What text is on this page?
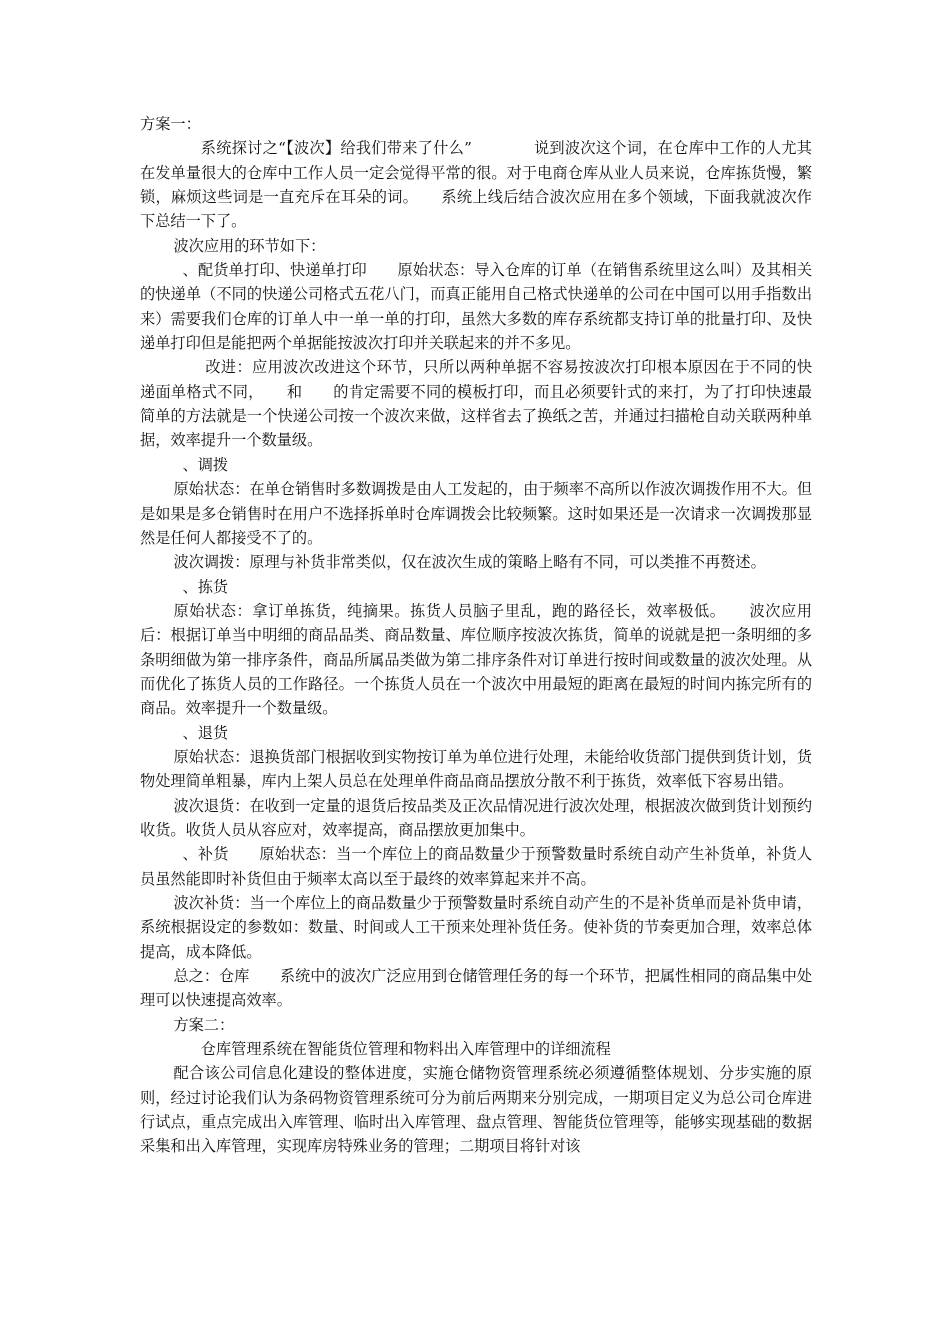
方案一：

系统探讨之“【波次】给我们带来了什么”　　　　说到波次这个词，在仓库中工作的人尤其在发单量很大的仓库中工作人员一定会觉得平常的很。对于电商仓库从业人员来说，仓库拣货慢，繁锁，麻烦这些词是一直充斥在耳朵的词。　　系统上线后结合波次应用在多个领域，下面我就波次作下总结一下了。

波次应用的环节如下：

、配货单打印、快递单打印　　原始状态：导入仓库的订单（在销售系统里这么叫）及其相关的快递单（不同的快递公司格式五花八门，而真正能用自己格式快递单的公司在中国可以用手指数出来）需要我们仓库的订单人中一单一单的打印，虽然大多数的库存系统都支持订单的批量打印、及快递单打印但是能把两个单据能按波次打印并关联起来的并不多见。

改进：应用波次改进这个环节，只所以两种单据不容易按波次打印根本原因在于不同的快递面单格式不同，　　和　　的肯定需要不同的模板打印，而且必须要针式的来打，为了打印快速最简单的方法就是一个快递公司按一个波次来做，这样省去了换纸之苦，并通过扫描枪自动关联两种单据，效率提升一个数量级。

、调拨

原始状态：在单仓销售时多数调拨是由人工发起的，由于频率不高所以作波次调拨作用不大。但是如果是多仓销售时在用户不选择拆单时仓库调拨会比较频繁。这时如果还是一次请求一次调拨那显然是任何人都接受不了的。

波次调拨：原理与补货非常类似，仅在波次生成的策略上略有不同，可以类推不再赘述。

、拣货

原始状态：拿订单拣货，纯摘果。拣货人员脑子里乱，跑的路径长，效率极低。　　波次应用后：根据订单当中明细的商品品类、商品数量、库位顺序按波次拣货，简单的说就是把一条明细的多条明细做为第一排序条件，商品所属品类做为第二排序条件对订单进行按时间或数量的波次处理。从而优化了拣货人员的工作路径。一个拣货人员在一个波次中用最短的距离在最短的时间内拣完所有的商品。效率提升一个数量级。

、退货

原始状态：退换货部门根据收到实物按订单为单位进行处理，未能给收货部门提供到货计划，货物处理简单粗暴，库内上架人员总在处理单件商品商品摆放分散不利于拣货，效率低下容易出错。

波次退货：在收到一定量的退货后按品类及正次品情况进行波次处理，根据波次做到货计划预约收货。收货人员从容应对，效率提高，商品摆放更加集中。

、补货　　原始状态：当一个库位上的商品数量少于预警数量时系统自动产生补货单，补货人员虽然能即时补货但由于频率太高以至于最终的效率算起来并不高。

波次补货：当一个库位上的商品数量少于预警数量时系统自动产生的不是补货单而是补货申请，系统根据设定的参数如：数量、时间或人工干预来处理补货任务。使补货的节奏更加合理，效率总体提高，成本降低。

总之：仓库　　系统中的波次广泛应用到仓储管理任务的每一个环节，把属性相同的商品集中处理可以快速提高效率。

方案二：

仓库管理系统在智能货位管理和物料出入库管理中的详细流程

配合该公司信息化建设的整体进度，实施仓储物资管理系统必须遵循整体规划、分步实施的原则，经过讨论我们认为条码物资管理系统可分为前后两期来分别完成，一期项目定义为总公司仓库进行试点，重点完成出入库管理、临时出入库管理、盘点管理、智能货位管理等，能够实现基础的数据采集和出入库管理，实现库房特殊业务的管理；二期项目将针对该
